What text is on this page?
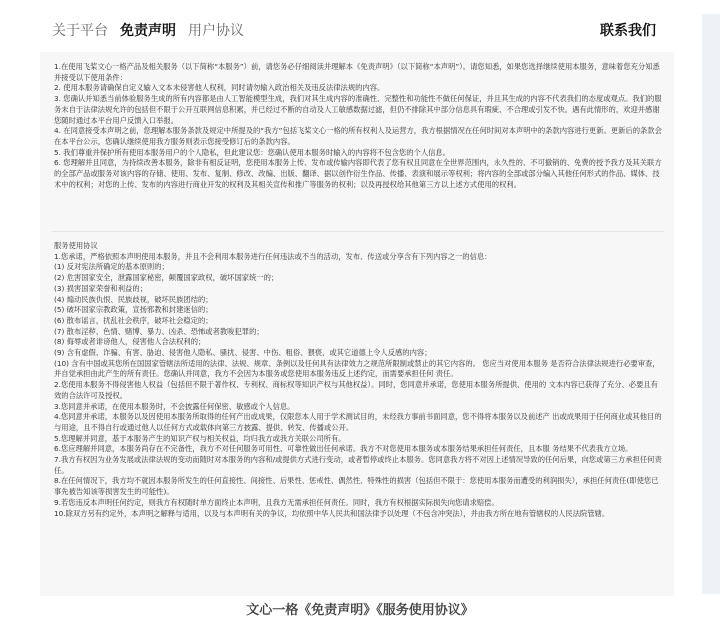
关于平台 免责声明 用户协议	联系我们

1.在使用飞桨文心一格产品及相关服务（以下简称“本服务”）前，请您务必仔细阅读并理解本《免责声明》（以下简称“本声明”）。请您知悉，如果您选择继续使用本服务，意味着您充分知悉并接受以下使用条件：

2. 使用本服务请确保自定义输入文本未侵害他人权利，同时请勿输入政治相关及违反法律法规的内容。

3. 您确认并知悉当前体验服务生成的所有内容都是由人工智能模型生成，我们对其生成内容的准确性、完整性和功能性不做任何保证，并且其生成的内容不代表我们的态度或观点。我们的服务未自于法律法规允许的包括但不限于公开互联网信息积累，并已经过不断的自动及人工敏感数据过滤，但仍不排除其中部分信息具有瑕疵、不合理或引发不快。遇有此情形的，欢迎并感谢您随时通过本平台用户反馈入口举报。

4. 在同意接受本声明之前，您理解本服务条款及规定中所提及的“我方”包括飞桨文心一格的所有权利人及运营方，我方根据情况在任何时间对本声明中的条款内容进行更新。更新后的条款会在本平台公示，您确认继续使用我方服务则表示您接受修订后的条款内容。

5. 我们尊重并保护所有使用本服务用户的个人隐私，但此建议您：您确认使用本服务时输入的内容将不包含您的个人信息。

6. 您理解并且同意，为持续改善本服务，除非有相反证明，您使用本服务上传、发布或传输内容即代表了您有权且同意在全世界范围内，永久性的、不可撤销的、免费的授予我方及其关联方的全部产品或服务对该内容的存储、使用、发布、复制、修改、改编、出版、翻译、据以创作衍生作品、传播、表演和展示等权利；将内容的全部或部分编入其他任何形式的作品、媒体、技术中的权利；对您的上传、发布的内容进行商业开发的权利及其相关宣传和推广等服务的权利；以及再授权给其他第三方以上述方式使用的权利。

服务使用协议

1.您承诺，严格依照本声明使用本服务，并且不会利用本服务进行任何违法或不当的活动，发布、传送或分享含有下列内容之一的信息：

(1) 反对宪法所确定的基本原则的；

(2) 危害国家安全，泄露国家秘密，颠覆国家政权，破坏国家统一的；

(3) 损害国家荣誉和利益的；

(4) 煽动民族仇恨、民族歧视，破坏民族团结的；

(5) 破坏国家宗教政策，宣扬邪教和封建迷信的；

(6) 散布谣言，扰乱社会秩序，破坏社会稳定的；

(7) 散布淫秽、色情、赌博、暴力、凶杀、恐怖或者教唆犯罪的；

(8) 侮辱或者诽谤他人，侵害他人合法权利的；

(9) 含有虚假、诈骗、有害、胁迫、侵害他人隐私、骚扰、侵害、中伤、粗俗、猥亵、或其它道德上令人反感的内容；

(10) 含有中国或其您所在国国家管辖法所适用的法律、法规、规章、条例以及任何具有法律效力之规范所限制或禁止的其它内容的。 您应当对使用本服务 是否符合法律法规进行必要审查，并自觉承担由此产生的所有责任。您确认并同意，我方不会因为本服务或您使用本服务违反上述约定，而需要承担任何 责任。

2.您使用本服务不得侵害他人权益（包括但不限于著作权、专利权、商标权等知识产权与其他权益）。同时，您同意并承诺，您使用本服务所提供、使用的 文本内容已获得了充分、必要且有效的合法许可及授权。

3.您同意并承诺，在使用本服务时，不会披露任何保密、敏感或个人信息。

4.您同意并承诺，本服务以及因使用本服务所取得的任何产出或成果，仅限您本人用于学术测试目的，未经我方事前书面同意，您不得将本服务以及前述产 出或成果用于任何商业或其他目的与用途，且不得自行或通过他人以任何方式或载体向第三方披露、提供、转发、传播或公开。

5.您理解并同意，基于本服务产生的知识产权与相关权益，均归我方或我方关联公司所有。

6.您应理解并同意，本服务尚存在不完备性，我方不对任何服务可用性、可靠性做出任何承诺。我方不对您使用本服务或本服务结果承担任何责任，且本服 务结果不代表我方立场。

7.我方有权因为业务发展或法律法规的变动而随时对本服务的内容和/或提供方式进行变动，或者暂停或终止本服务。您同意我方将不对因上述情况导致的任何后果，向您或第三方承担任何责任。

8.在任何情况下，我方均不就因本服务所发生的任何直接性、间接性、后果性、惩戒性、偶然性、特殊性的损害（包括但不限于：您使用本服务而遭受的利润损失），承担任何责任(即使您已事先被告知该等损害发生的可能性)。

9.若您违反本声明任何约定，则我方有权随时单方面终止本声明，且我方无需承担任何责任。同时，我方有权根据实际损失向您请求赔偿。

10.除双方另有约定外，本声明之解释与适用，以及与本声明有关的争议，均依照中华人民共和国法律予以处理（不包含冲突法），并由我方所在地有管辖权的人民法院管辖。

文心一格《免责声明》《服务使用协议》
